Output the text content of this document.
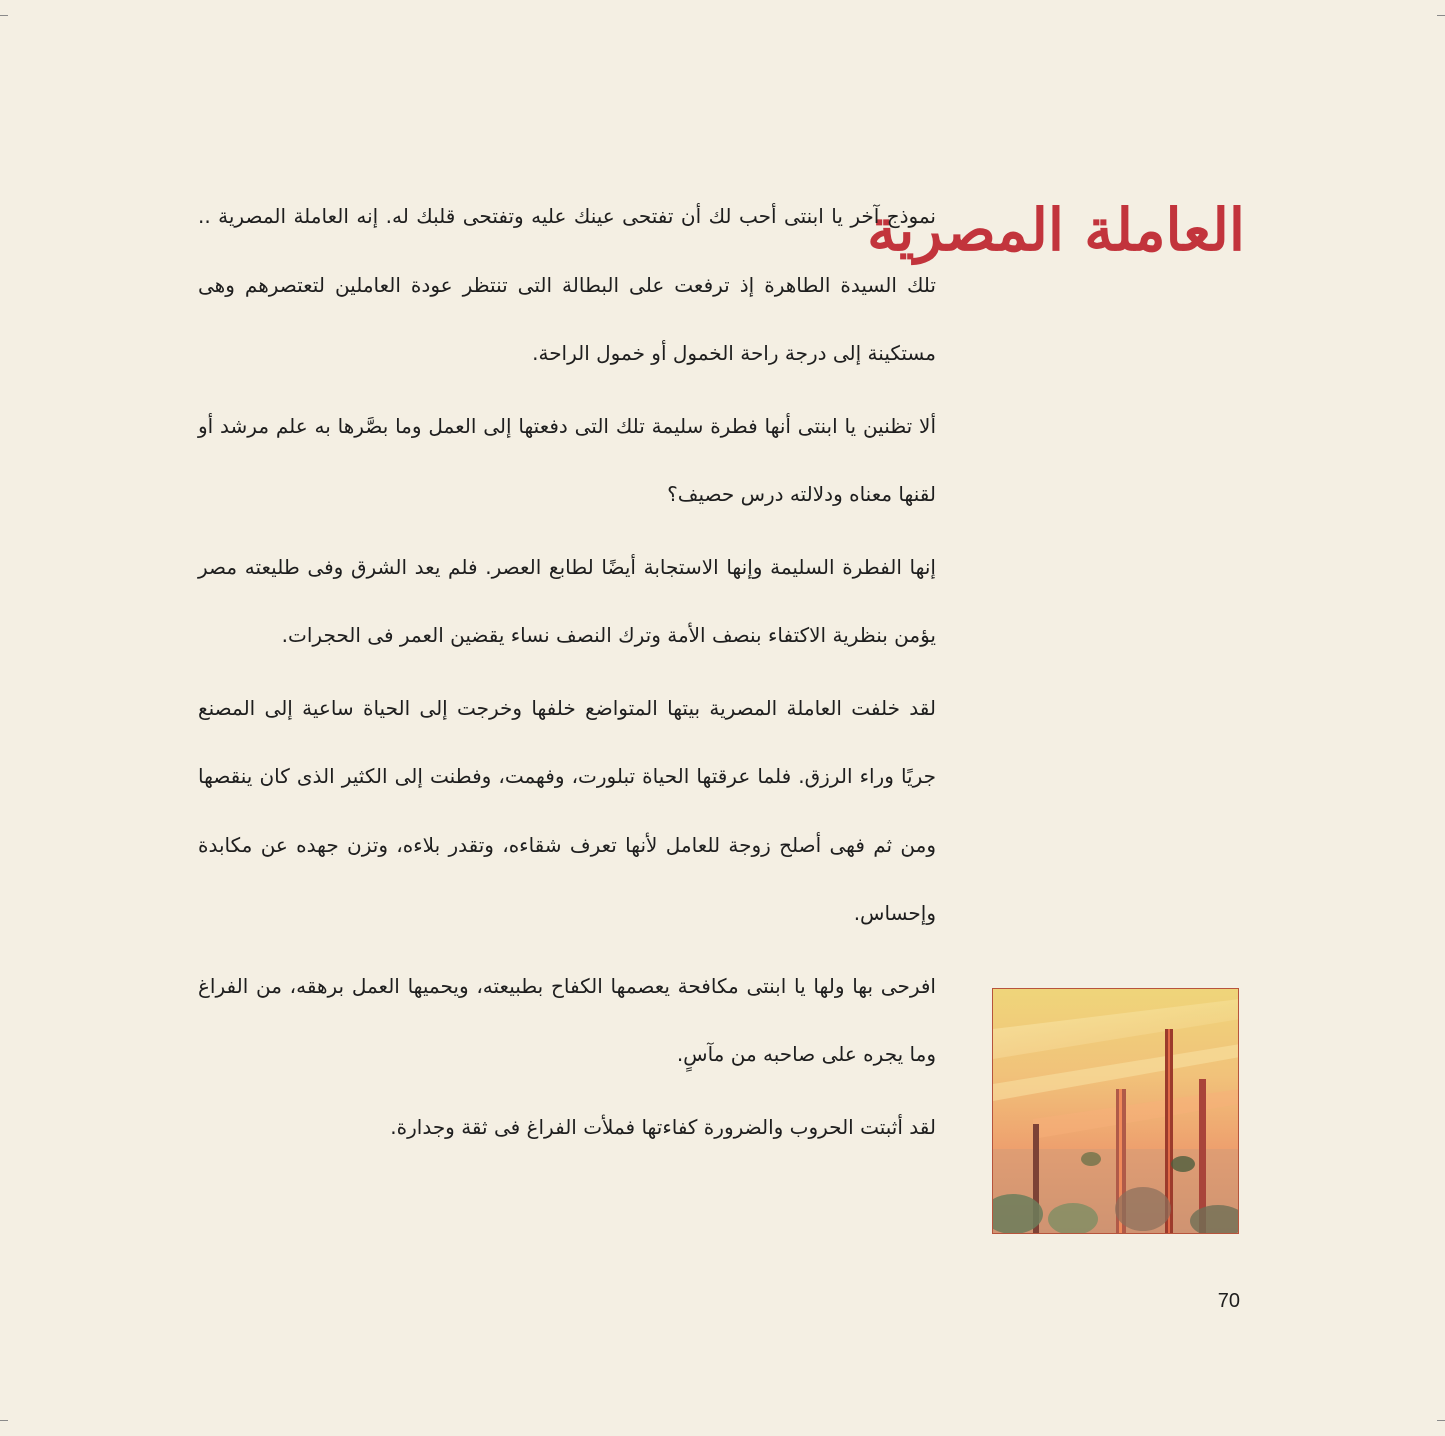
العاملة المصرية

نموذج آخر يا ابنتى أحب لك أن تفتحى عينك عليه وتفتحى قلبك له. إنه العاملة المصرية .. تلك السيدة الطاهرة إذ ترفعت على البطالة التى تنتظر عودة العاملين لتعتصرهم وهى مستكينة إلى درجة راحة الخمول أو خمول الراحة.

ألا تظنين يا ابنتى أنها فطرة سليمة تلك التى دفعتها إلى العمل وما بصَّرها به علم مرشد أو لقنها معناه ودلالته درس حصيف؟

إنها الفطرة السليمة وإنها الاستجابة أيضًا لطابع العصر. فلم يعد الشرق وفى طليعته مصر يؤمن بنظرية الاكتفاء بنصف الأمة وترك النصف نساء يقضين العمر فى الحجرات.

لقد خلفت العاملة المصرية بيتها المتواضع خلفها وخرجت إلى الحياة ساعية إلى المصنع جريًا وراء الرزق. فلما عرقتها الحياة تبلورت، وفهمت، وفطنت إلى الكثير الذى كان ينقصها ومن ثم فهى أصلح زوجة للعامل لأنها تعرف شقاءه، وتقدر بلاءه، وتزن جهده عن مكابدة وإحساس.

افرحى بها ولها يا ابنتى مكافحة يعصمها الكفاح بطبيعته، ويحميها العمل برهقه، من الفراغ وما يجره على صاحبه من مآسٍ.

لقد أثبتت الحروب والضرورة كفاءتها فملأت الفراغ فى ثقة وجدارة.

70
